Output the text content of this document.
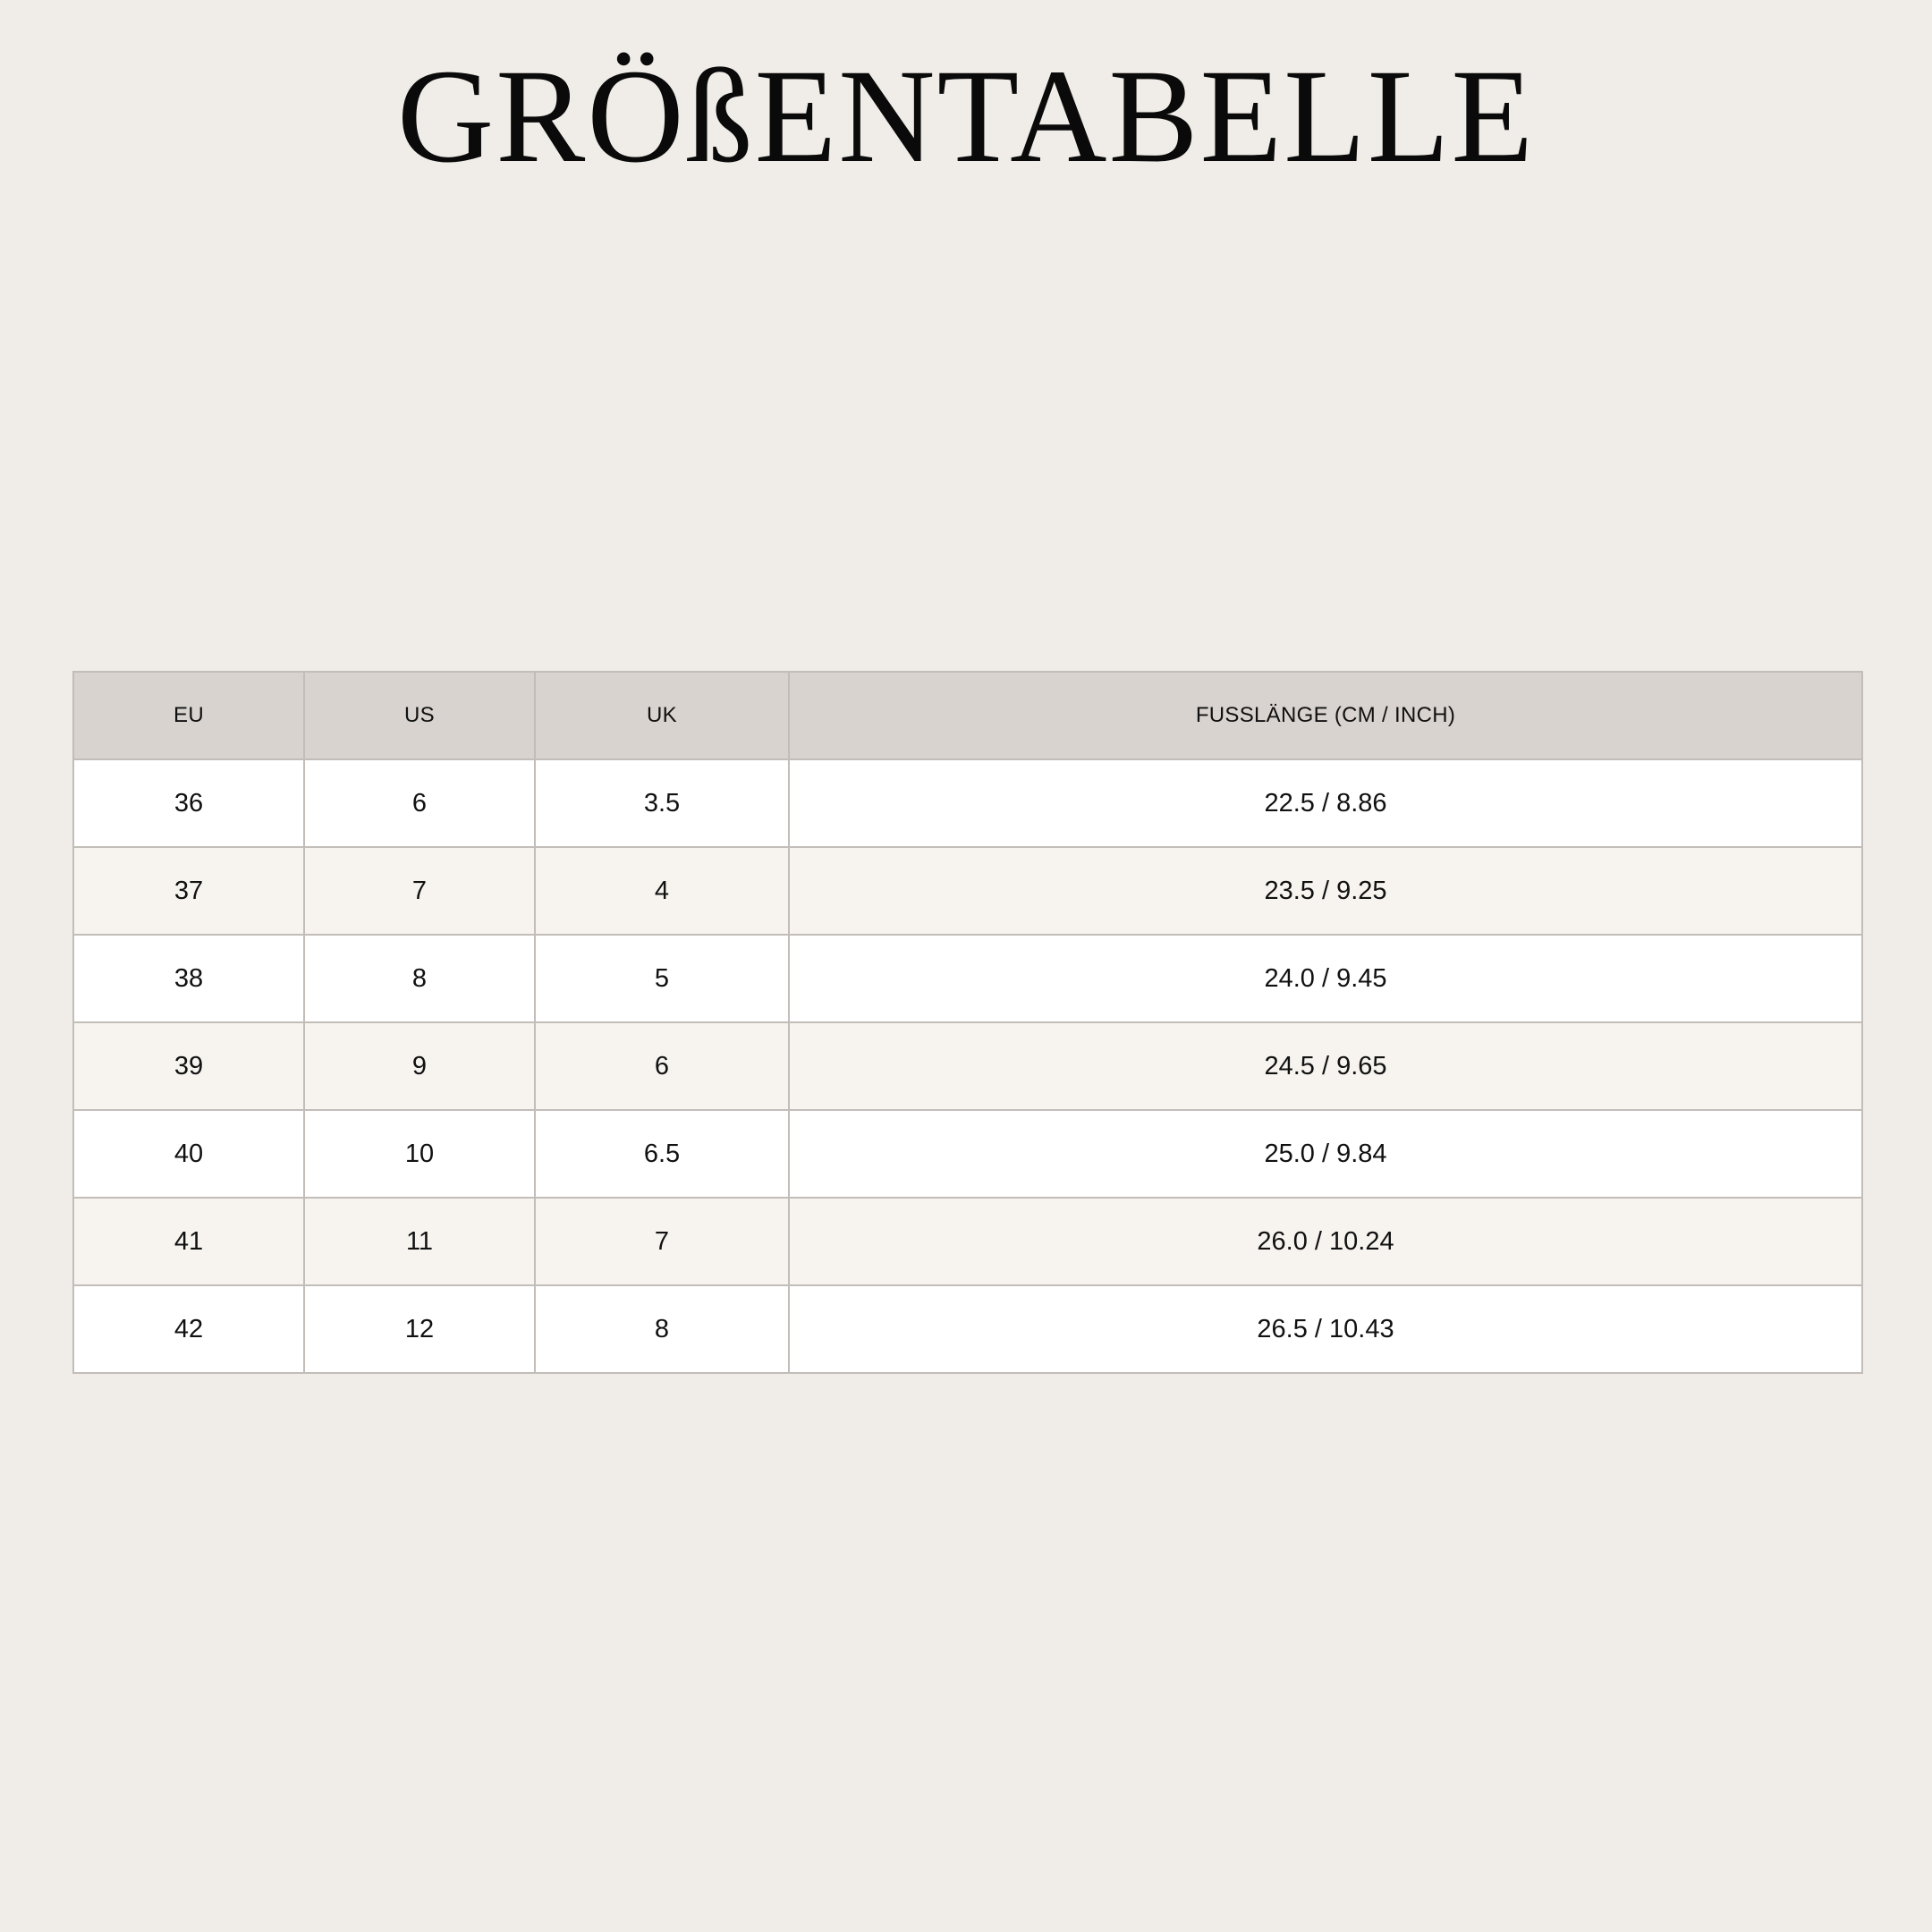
GRÖßENTABELLE
EU	US	UK	FUSSLÄNGE (CM / INCH)
36	6	3.5	22.5 / 8.86
37	7	4	23.5 / 9.25
38	8	5	24.0 / 9.45
39	9	6	24.5 / 9.65
40	10	6.5	25.0 / 9.84
41	11	7	26.0 / 10.24
42	12	8	26.5 / 10.43
